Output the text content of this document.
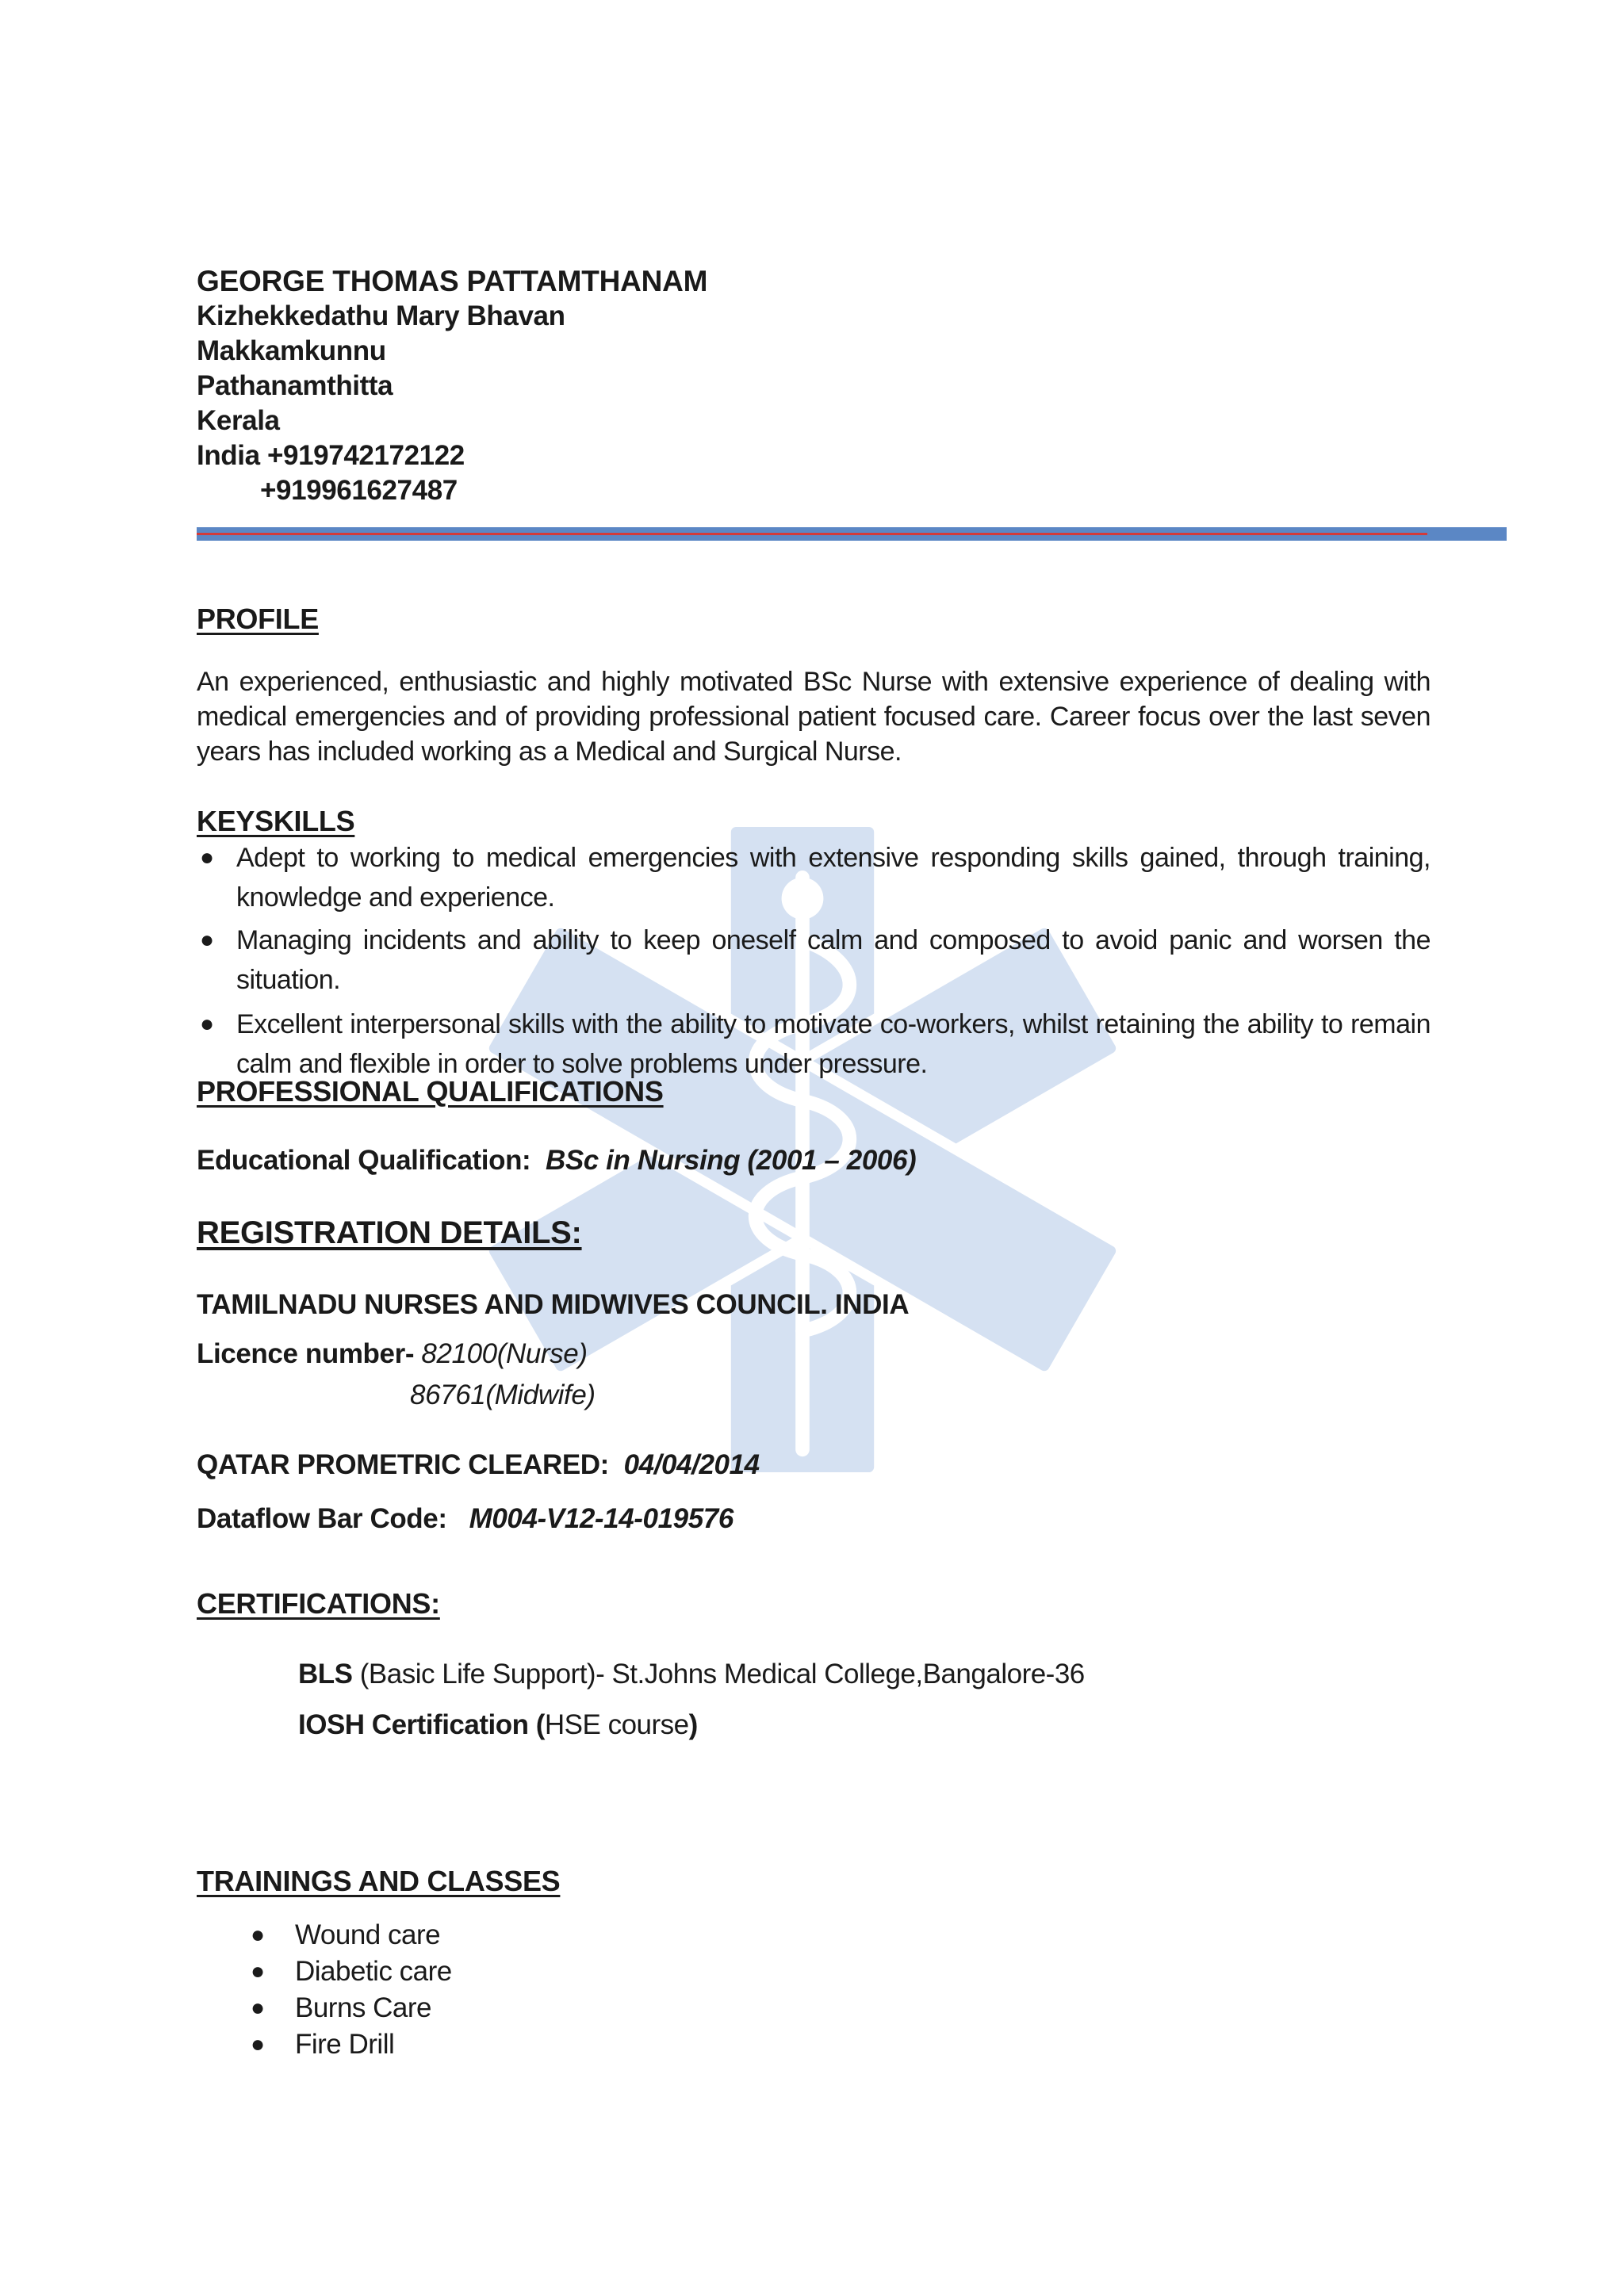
GEORGE THOMAS PATTAMTHANAM
Kizhekkedathu Mary Bhavan
Makkamkunnu
Pathanamthitta
Kerala
India +919742172122
+919961627487
PROFILE
An experienced, enthusiastic and highly motivated BSc Nurse with extensive experience of dealing with medical emergencies and of providing professional patient focused care. Career focus over the last seven years has included working as a Medical and Surgical Nurse.
KEYSKILLS
● Adept to working to medical emergencies with extensive responding skills gained, through training, knowledge and experience.
● Managing incidents and ability to keep oneself calm and composed to avoid panic and worsen the situation.
● Excellent interpersonal skills with the ability to motivate co-workers, whilst retaining the ability to remain calm and flexible in order to solve problems under pressure.
PROFESSIONAL QUALIFICATIONS
Educational Qualification: BSc in Nursing (2001 – 2006)
REGISTRATION DETAILS:
TAMILNADU NURSES AND MIDWIVES COUNCIL. INDIA
Licence number- 82100(Nurse)
86761(Midwife)
QATAR PROMETRIC CLEARED: 04/04/2014
Dataflow Bar Code: M004-V12-14-019576
CERTIFICATIONS:
BLS (Basic Life Support)- St.Johns Medical College,Bangalore-36
IOSH Certification (HSE course)
TRAININGS AND CLASSES
● Wound care
● Diabetic care
● Burns Care
● Fire Drill
